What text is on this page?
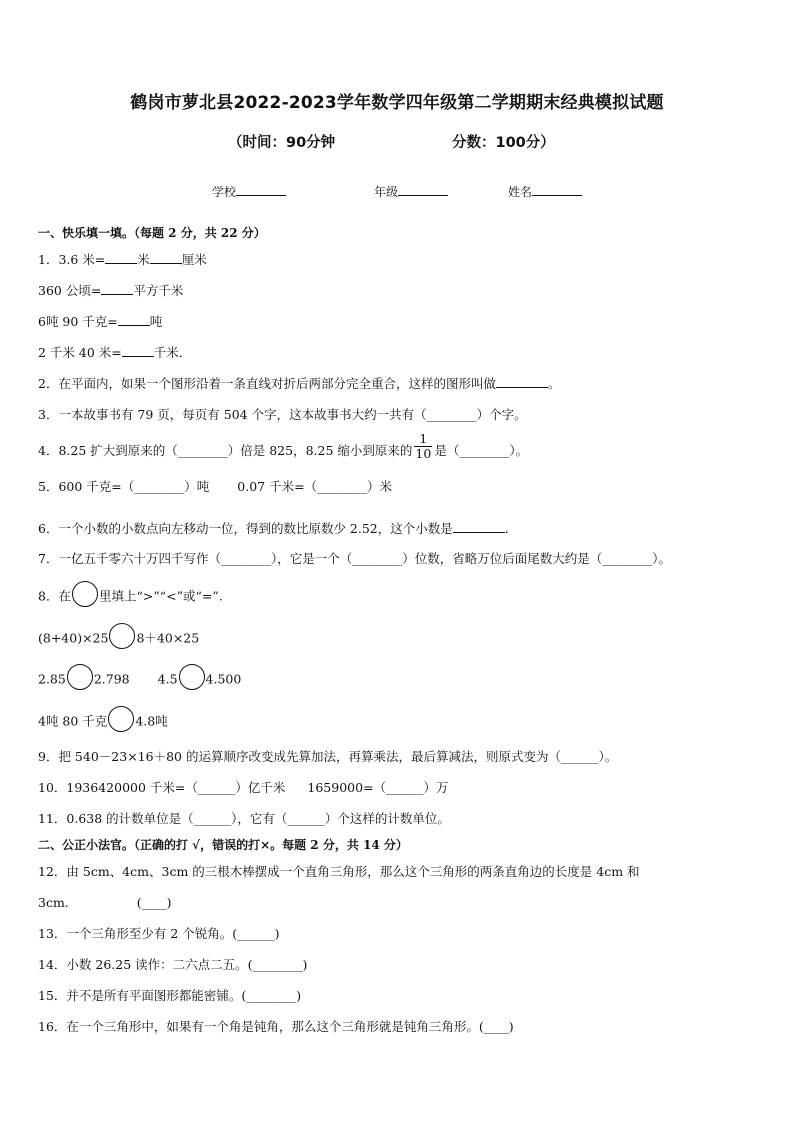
鹤岗市萝北县2022-2023学年数学四年级第二学期期末经典模拟试题
（时间：90分钟	分数：100分）
学校	年级	姓名
一、快乐填一填。（每题 2 分，共 22 分）
1．3.6 米=	米	厘米
360 公顷=	平方千米
6吨 90 千克=	吨
2 千米 40 米=	千米．
2．在平面内，如果一个图形沿着一条直线对折后两部分完全重合，这样的图形叫做	。
3．一本故事书有 79 页，每页有 504 个字，这本故事书大约一共有（________）个字。
4．8.25 扩大到原来的（________）倍是 825，8.25 缩小到原来的 $\frac{1}{10}$ 是（________）。
5．600 千克=（________）吨 0.07 千米=（________）米
6．一个小数的小数点向左移动一位，得到的数比原数少 2.52，这个小数是	.
7．一亿五千零六十万四千写作（________），它是一个（________）位数，省略万位后面尾数大约是（________）。
8．在 里填上“>”“<”或“=”.
(8+40)×25 8＋40×25
2.85 2.798 4.5 4.500
4吨 80 千克 4.8吨
9．把 540－23×16＋80 的运算顺序改变成先算加法，再算乘法，最后算减法，则原式变为（______）。
10．1936420000 千米=（______）亿千米 1659000=（______）万
11．0.638 的计数单位是（______），它有（______）个这样的计数单位。
二、公正小法官。（正确的打 √，错误的打×。每题 2 分，共 14 分）
12．由 5cm、4cm、3cm 的三根木棒摆成一个直角三角形，那么这个三角形的两条直角边的长度是 4cm 和
3cm.	(____)
13．一个三角形至少有 2 个锐角。(______)
14．小数 26.25 读作：二六点二五。(________)
15．并不是所有平面图形都能密铺。(________)
16．在一个三角形中，如果有一个角是钝角，那么这个三角形就是钝角三角形。(____)
